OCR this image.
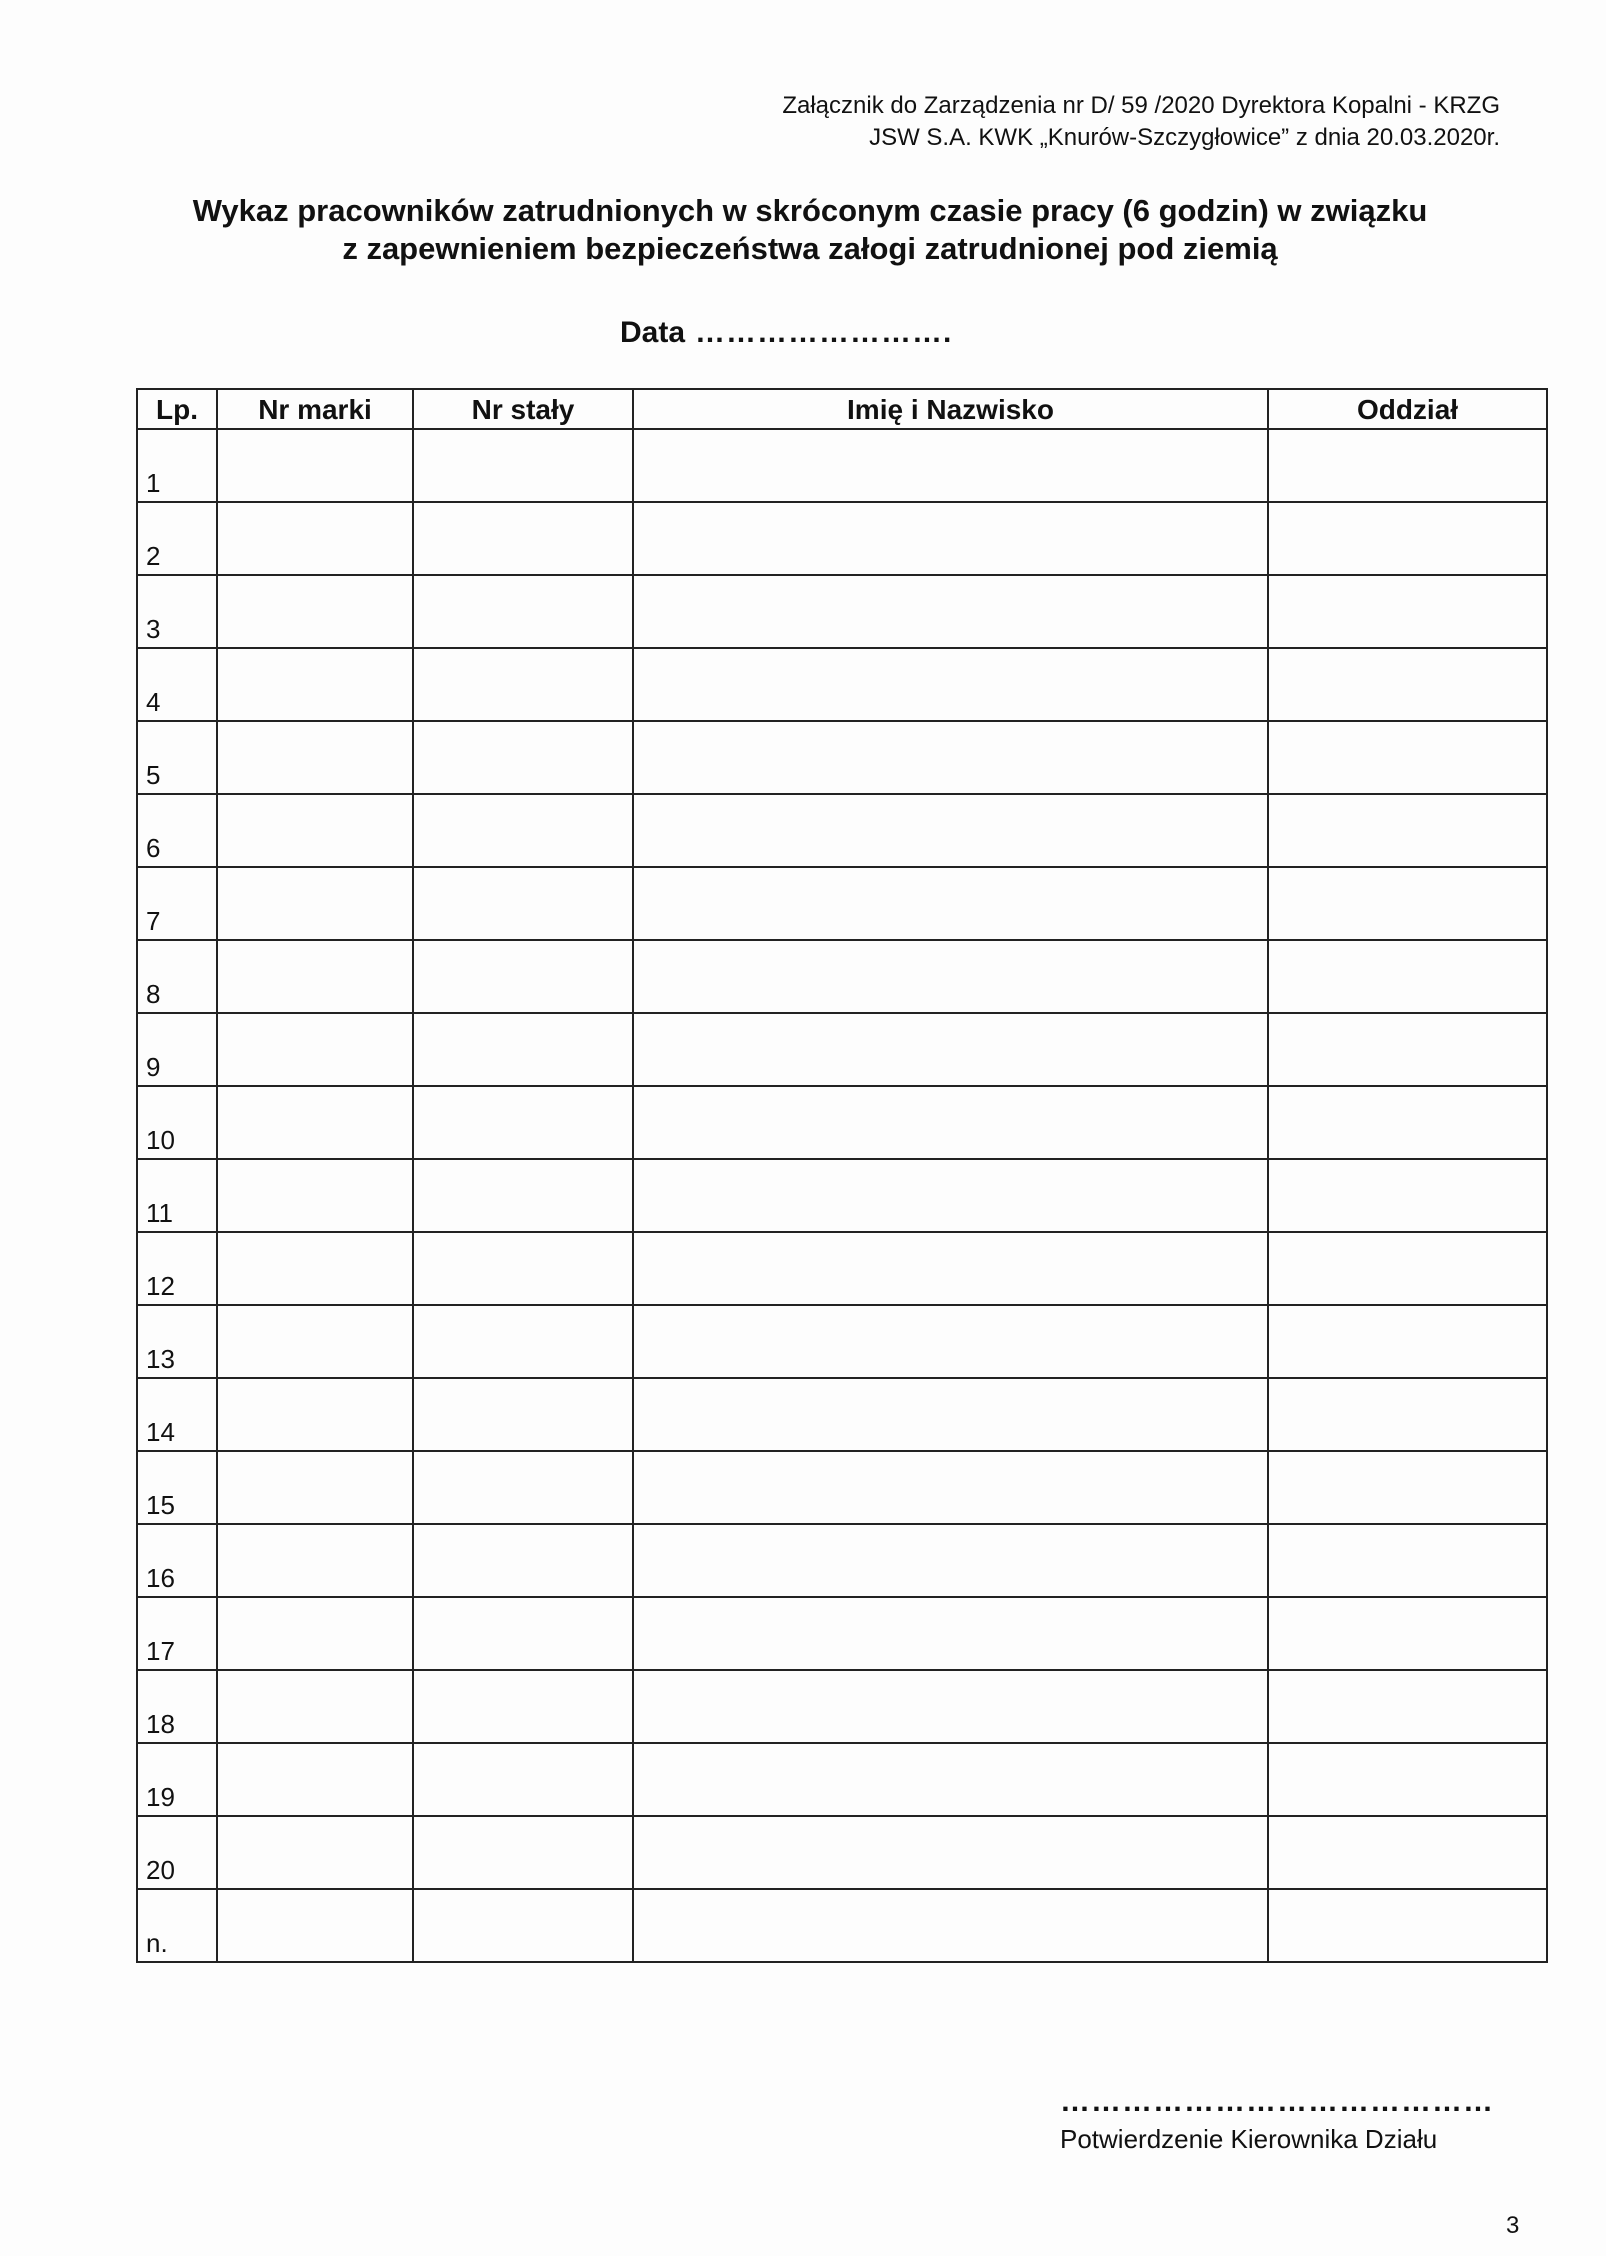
Załącznik do Zarządzenia nr D/ 59 /2020 Dyrektora Kopalni - KRZG
JSW S.A. KWK „Knurów-Szczygłowice” z dnia 20.03.2020r.
Wykaz pracowników zatrudnionych w skróconym czasie pracy (6 godzin) w związku
z zapewnieniem bezpieczeństwa załogi zatrudnionej pod ziemią
Data …………………….
Lp.	Nr marki	Nr stały	Imię i Nazwisko	Oddział
1				
2				
3				
4				
5				
6				
7				
8				
9				
10				
11				
12				
13				
14				
15				
16				
17				
18				
19				
20				
n.				
……………………………………
Potwierdzenie Kierownika Działu
3
